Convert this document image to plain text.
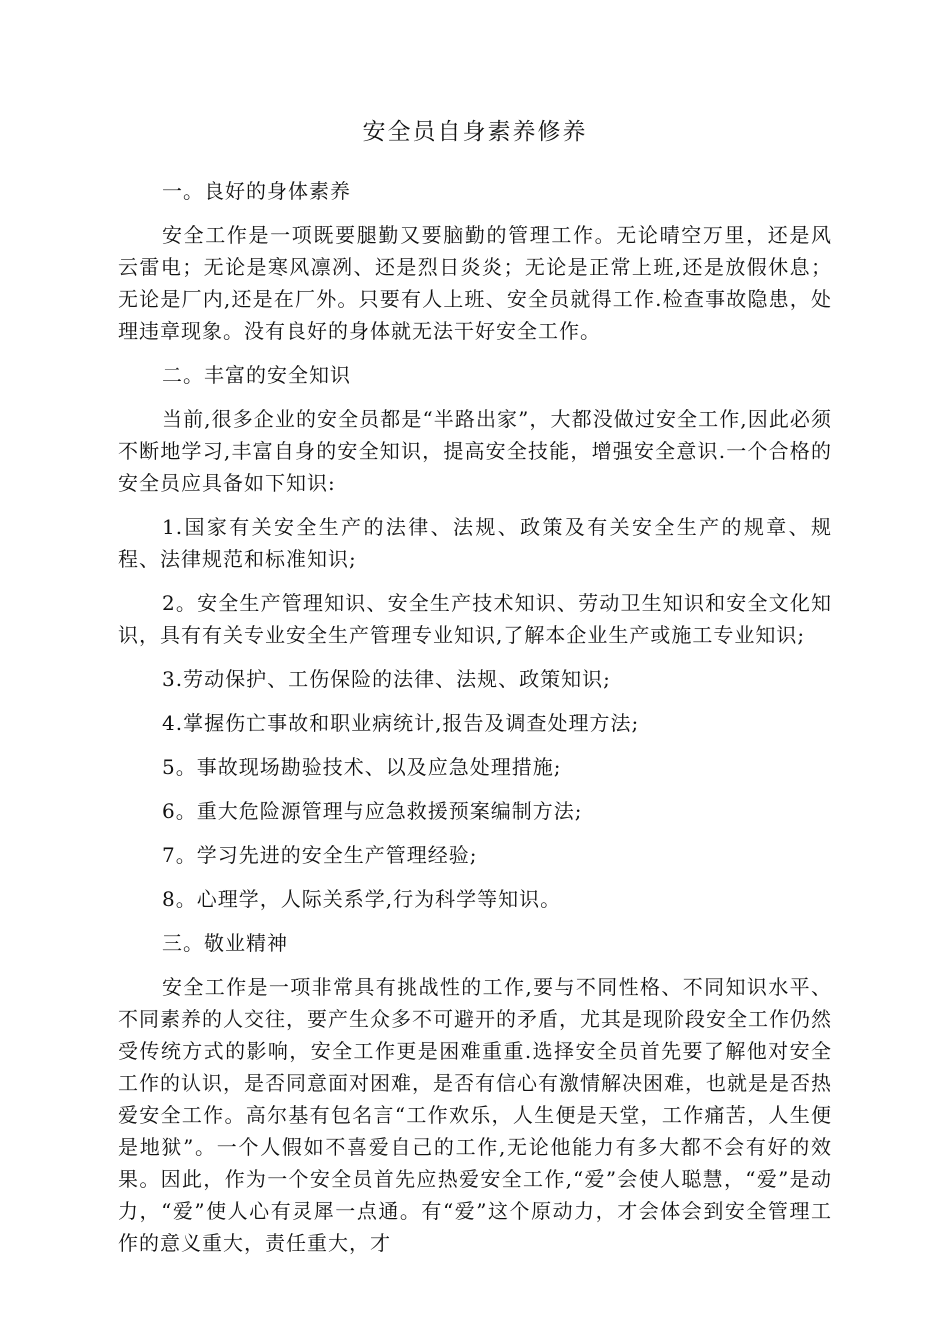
安全员自身素养修养

一。良好的身体素养

安全工作是一项既要腿勤又要脑勤的管理工作。无论晴空万里，还是风云雷电；无论是寒风凛冽、还是烈日炎炎；无论是正常上班,还是放假休息； 无论是厂内,还是在厂外。只要有人上班、安全员就得工作.检查事故隐患，处理违章现象。没有良好的身体就无法干好安全工作。

二。丰富的安全知识

当前,很多企业的安全员都是“半路出家”，大都没做过安全工作,因此必须不断地学习,丰富自身的安全知识，提高安全技能，增强安全意识.一个合格的安全员应具备如下知识:

1.国家有关安全生产的法律、法规、政策及有关安全生产的规章、规程、法律规范和标准知识;

2。安全生产管理知识、安全生产技术知识、劳动卫生知识和安全文化知识，具有有关专业安全生产管理专业知识,了解本企业生产或施工专业知识;

3.劳动保护、工伤保险的法律、法规、政策知识;

4.掌握伤亡事故和职业病统计,报告及调查处理方法;

5。事故现场勘验技术、以及应急处理措施;

6。重大危险源管理与应急救援预案编制方法;

7。学习先进的安全生产管理经验;

8。心理学，人际关系学,行为科学等知识。

三。敬业精神

安全工作是一项非常具有挑战性的工作,要与不同性格、不同知识水平、不同素养的人交往，要产生众多不可避开的矛盾，尤其是现阶段安全工作仍然受传统方式的影响，安全工作更是困难重重.选择安全员首先要了解他对安全工作的认识，是否同意面对困难，是否有信心有激情解决困难，也就是是否热爱安全工作。高尔基有包名言“工作欢乐，人生便是天堂，工作痛苦，人生便是地狱”。一个人假如不喜爱自己的工作,无论他能力有多大都不会有好的效果。因此，作为一个安全员首先应热爱安全工作,“爱”会使人聪慧，“爱”是动力，“爱”使人心有灵犀一点通。有“爱”这个原动力，才会体会到安全管理工作的意义重大，责任重大，才
